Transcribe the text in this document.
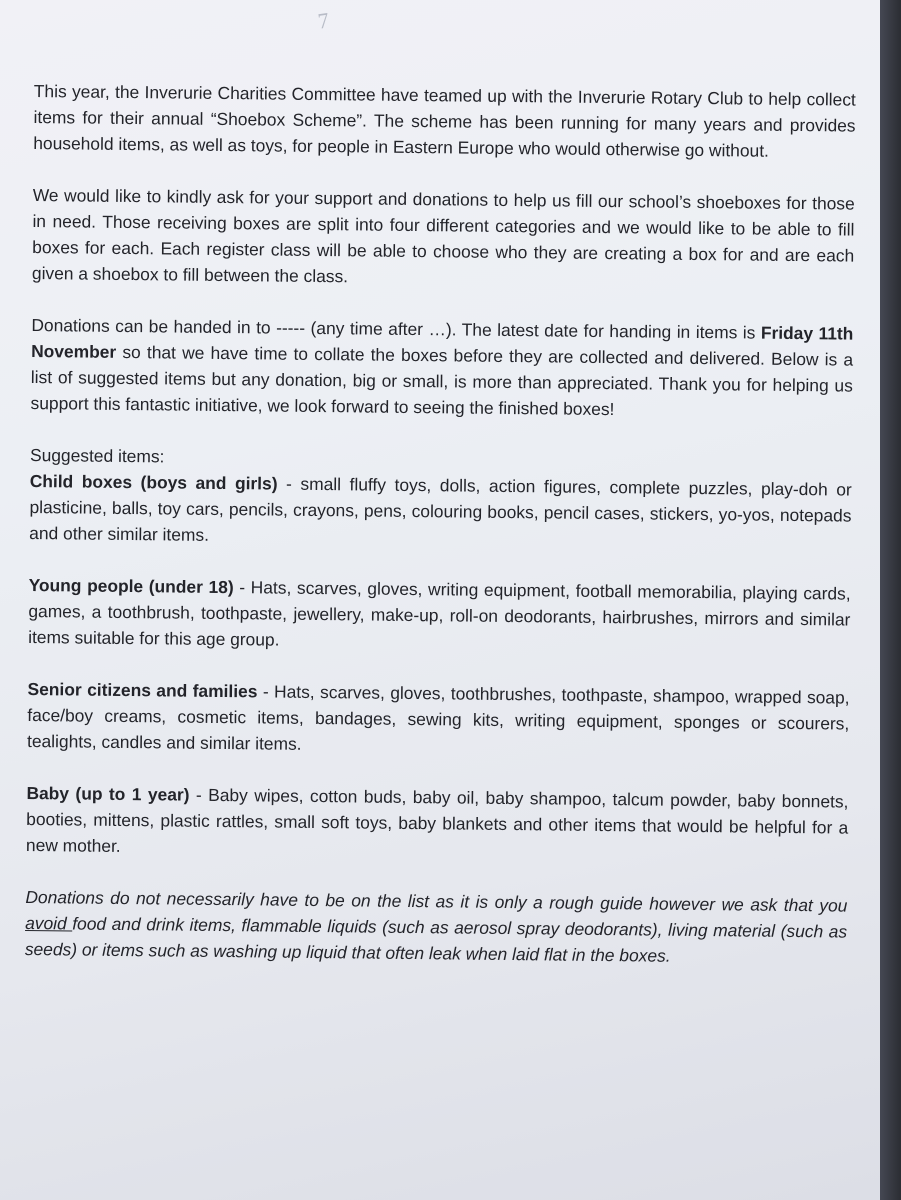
7

This year, the Inverurie Charities Committee have teamed up with the Inverurie Rotary Club to help collect items for their annual “Shoebox Scheme”. The scheme has been running for many years and provides household items, as well as toys, for people in Eastern Europe who would otherwise go without.

We would like to kindly ask for your support and donations to help us fill our school’s shoeboxes for those in need. Those receiving boxes are split into four different categories and we would like to be able to fill boxes for each. Each register class will be able to choose who they are creating a box for and are each given a shoebox to fill between the class.

Donations can be handed in to ----- (any time after …). The latest date for handing in items is Friday 11th November so that we have time to collate the boxes before they are collected and delivered. Below is a list of suggested items but any donation, big or small, is more than appreciated. Thank you for helping us support this fantastic initiative, we look forward to seeing the finished boxes!

Suggested items:

Child boxes (boys and girls) - small fluffy toys, dolls, action figures, complete puzzles, play-doh or plasticine, balls, toy cars, pencils, crayons, pens, colouring books, pencil cases, stickers, yo-yos, notepads and other similar items.
Young people (under 18) - Hats, scarves, gloves, writing equipment, football memorabilia, playing cards, games, a toothbrush, toothpaste, jewellery, make-up, roll-on deodorants, hairbrushes, mirrors and similar items suitable for this age group.
Senior citizens and families - Hats, scarves, gloves, toothbrushes, toothpaste, shampoo, wrapped soap, face/boy creams, cosmetic items, bandages, sewing kits, writing equipment, sponges or scourers, tealights, candles and similar items.
Baby (up to 1 year) - Baby wipes, cotton buds, baby oil, baby shampoo, talcum powder, baby bonnets, booties, mittens, plastic rattles, small soft toys, baby blankets and other items that would be helpful for a new mother.

Donations do not necessarily have to be on the list as it is only a rough guide however we ask that you avoid food and drink items, flammable liquids (such as aerosol spray deodorants), living material (such as seeds) or items such as washing up liquid that often leak when laid flat in the boxes.
